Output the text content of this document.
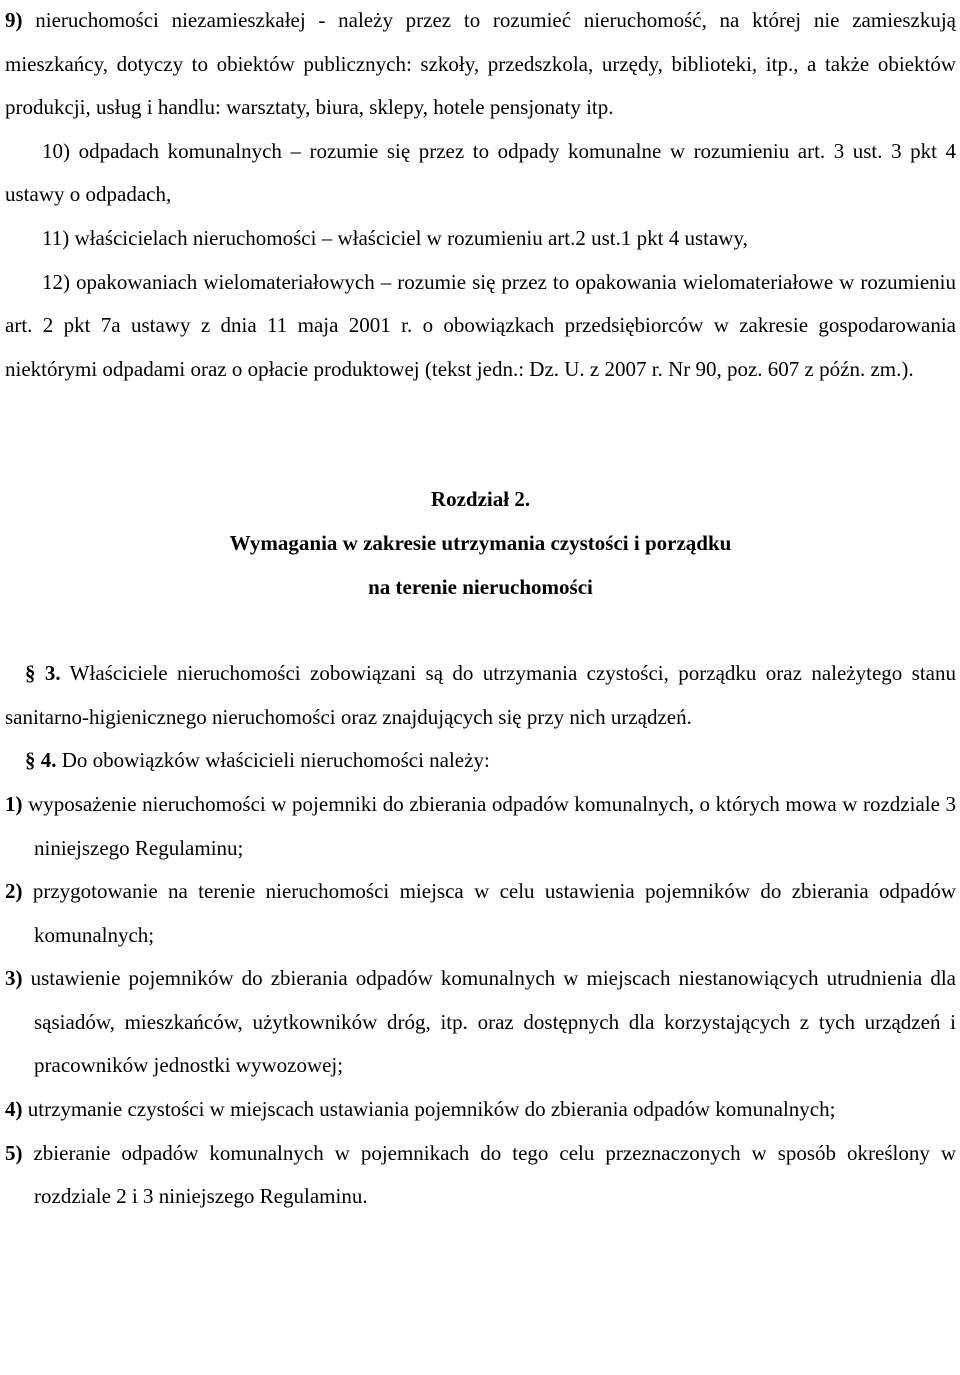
9) nieruchomości niezamieszkałej - należy przez to rozumieć nieruchomość, na której nie zamieszkują mieszkańcy, dotyczy to obiektów publicznych: szkoły, przedszkola, urzędy, biblioteki, itp., a także obiektów produkcji, usług i handlu: warsztaty, biura, sklepy, hotele pensjonaty itp.

10) odpadach komunalnych – rozumie się przez to odpady komunalne w rozumieniu art. 3 ust. 3 pkt 4 ustawy o odpadach,

11) właścicielach nieruchomości – właściciel w rozumieniu art.2 ust.1 pkt 4 ustawy,

12) opakowaniach wielomateriałowych – rozumie się przez to opakowania wielomateriałowe w rozumieniu art. 2 pkt 7a ustawy z dnia 11 maja 2001 r. o obowiązkach przedsiębiorców w zakresie gospodarowania niektórymi odpadami oraz o opłacie produktowej (tekst jedn.: Dz. U. z 2007 r. Nr 90, poz. 607 z późn. zm.).

Rozdział 2.

Wymagania w zakresie utrzymania czystości i porządku

na terenie nieruchomości

§ 3. Właściciele nieruchomości zobowiązani są do utrzymania czystości, porządku oraz należytego stanu sanitarno-higienicznego nieruchomości oraz znajdujących się przy nich urządzeń.

§ 4. Do obowiązków właścicieli nieruchomości należy:

1) wyposażenie nieruchomości w pojemniki do zbierania odpadów komunalnych, o których mowa w rozdziale 3 niniejszego Regulaminu;

2) przygotowanie na terenie nieruchomości miejsca w celu ustawienia pojemników do zbierania odpadów komunalnych;

3) ustawienie pojemników do zbierania odpadów komunalnych w miejscach niestanowiących utrudnienia dla sąsiadów, mieszkańców, użytkowników dróg, itp. oraz dostępnych dla korzystających z tych urządzeń i pracowników jednostki wywozowej;

4) utrzymanie czystości w miejscach ustawiania pojemników do zbierania odpadów komunalnych;

5) zbieranie odpadów komunalnych w pojemnikach do tego celu przeznaczonych w sposób określony w rozdziale 2 i 3 niniejszego Regulaminu.
